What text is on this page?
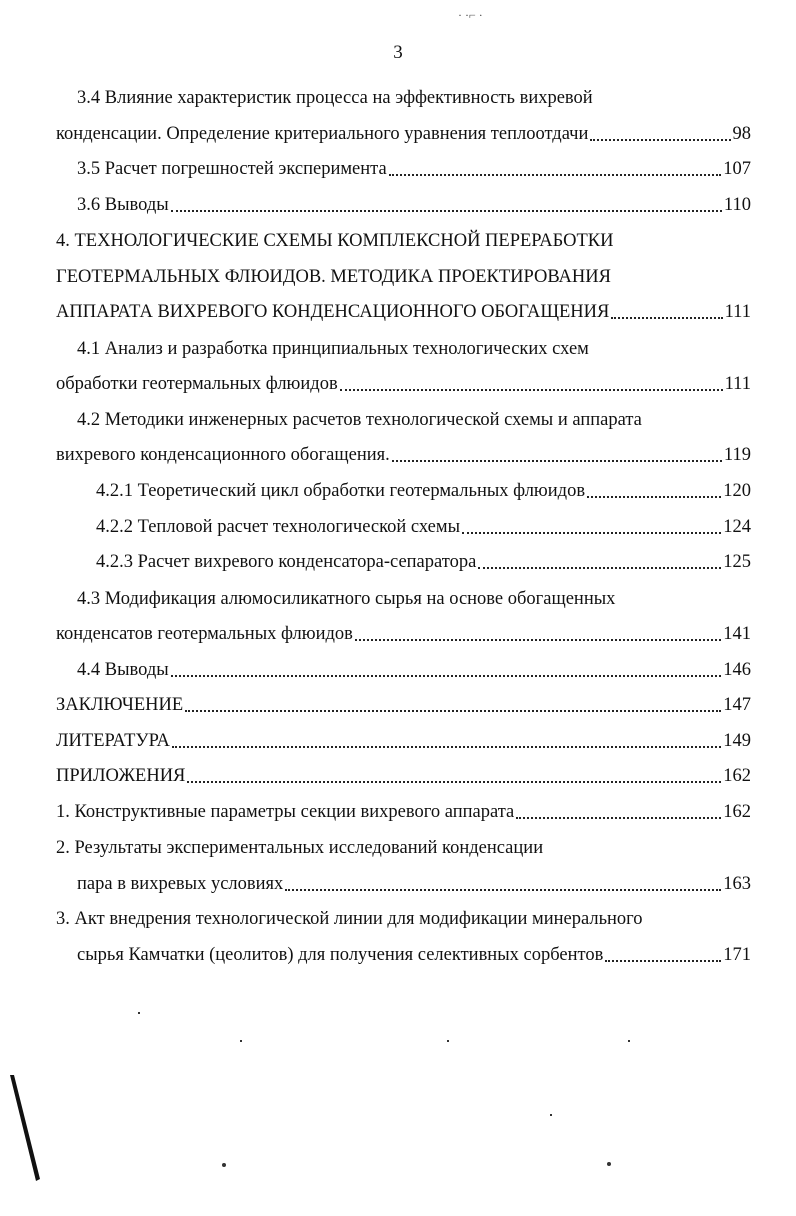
· ·⌐ ·
3
3.4 Влияние характеристик процесса на эффективность вихревой
конденсации. Определение критериального уравнения теплоотдачи	98
3.5 Расчет погрешностей эксперимента	107
3.6 Выводы	110
4. ТЕХНОЛОГИЧЕСКИЕ СХЕМЫ КОМПЛЕКСНОЙ ПЕРЕРАБОТКИ
ГЕОТЕРМАЛЬНЫХ ФЛЮИДОВ. МЕТОДИКА ПРОЕКТИРОВАНИЯ
АППАРАТА ВИХРЕВОГО КОНДЕНСАЦИОННОГО ОБОГАЩЕНИЯ	111
4.1 Анализ и разработка принципиальных технологических схем
обработки геотермальных флюидов	111
4.2 Методики инженерных расчетов технологической схемы и аппарата
вихревого конденсационного обогащения.	119
4.2.1 Теоретический цикл обработки геотермальных флюидов	120
4.2.2 Тепловой расчет технологической схемы	124
4.2.3 Расчет вихревого конденсатора-сепаратора	125
4.3 Модификация алюмосиликатного сырья на основе обогащенных
конденсатов геотермальных флюидов	141
4.4 Выводы	146
ЗАКЛЮЧЕНИЕ	147
ЛИТЕРАТУРА	149
ПРИЛОЖЕНИЯ	162
1. Конструктивные параметры секции вихревого аппарата	162
2. Результаты экспериментальных исследований конденсации
пара в вихревых условиях	163
3. Акт внедрения технологической линии для модификации минерального
сырья Камчатки (цеолитов) для получения селективных сорбентов	171
